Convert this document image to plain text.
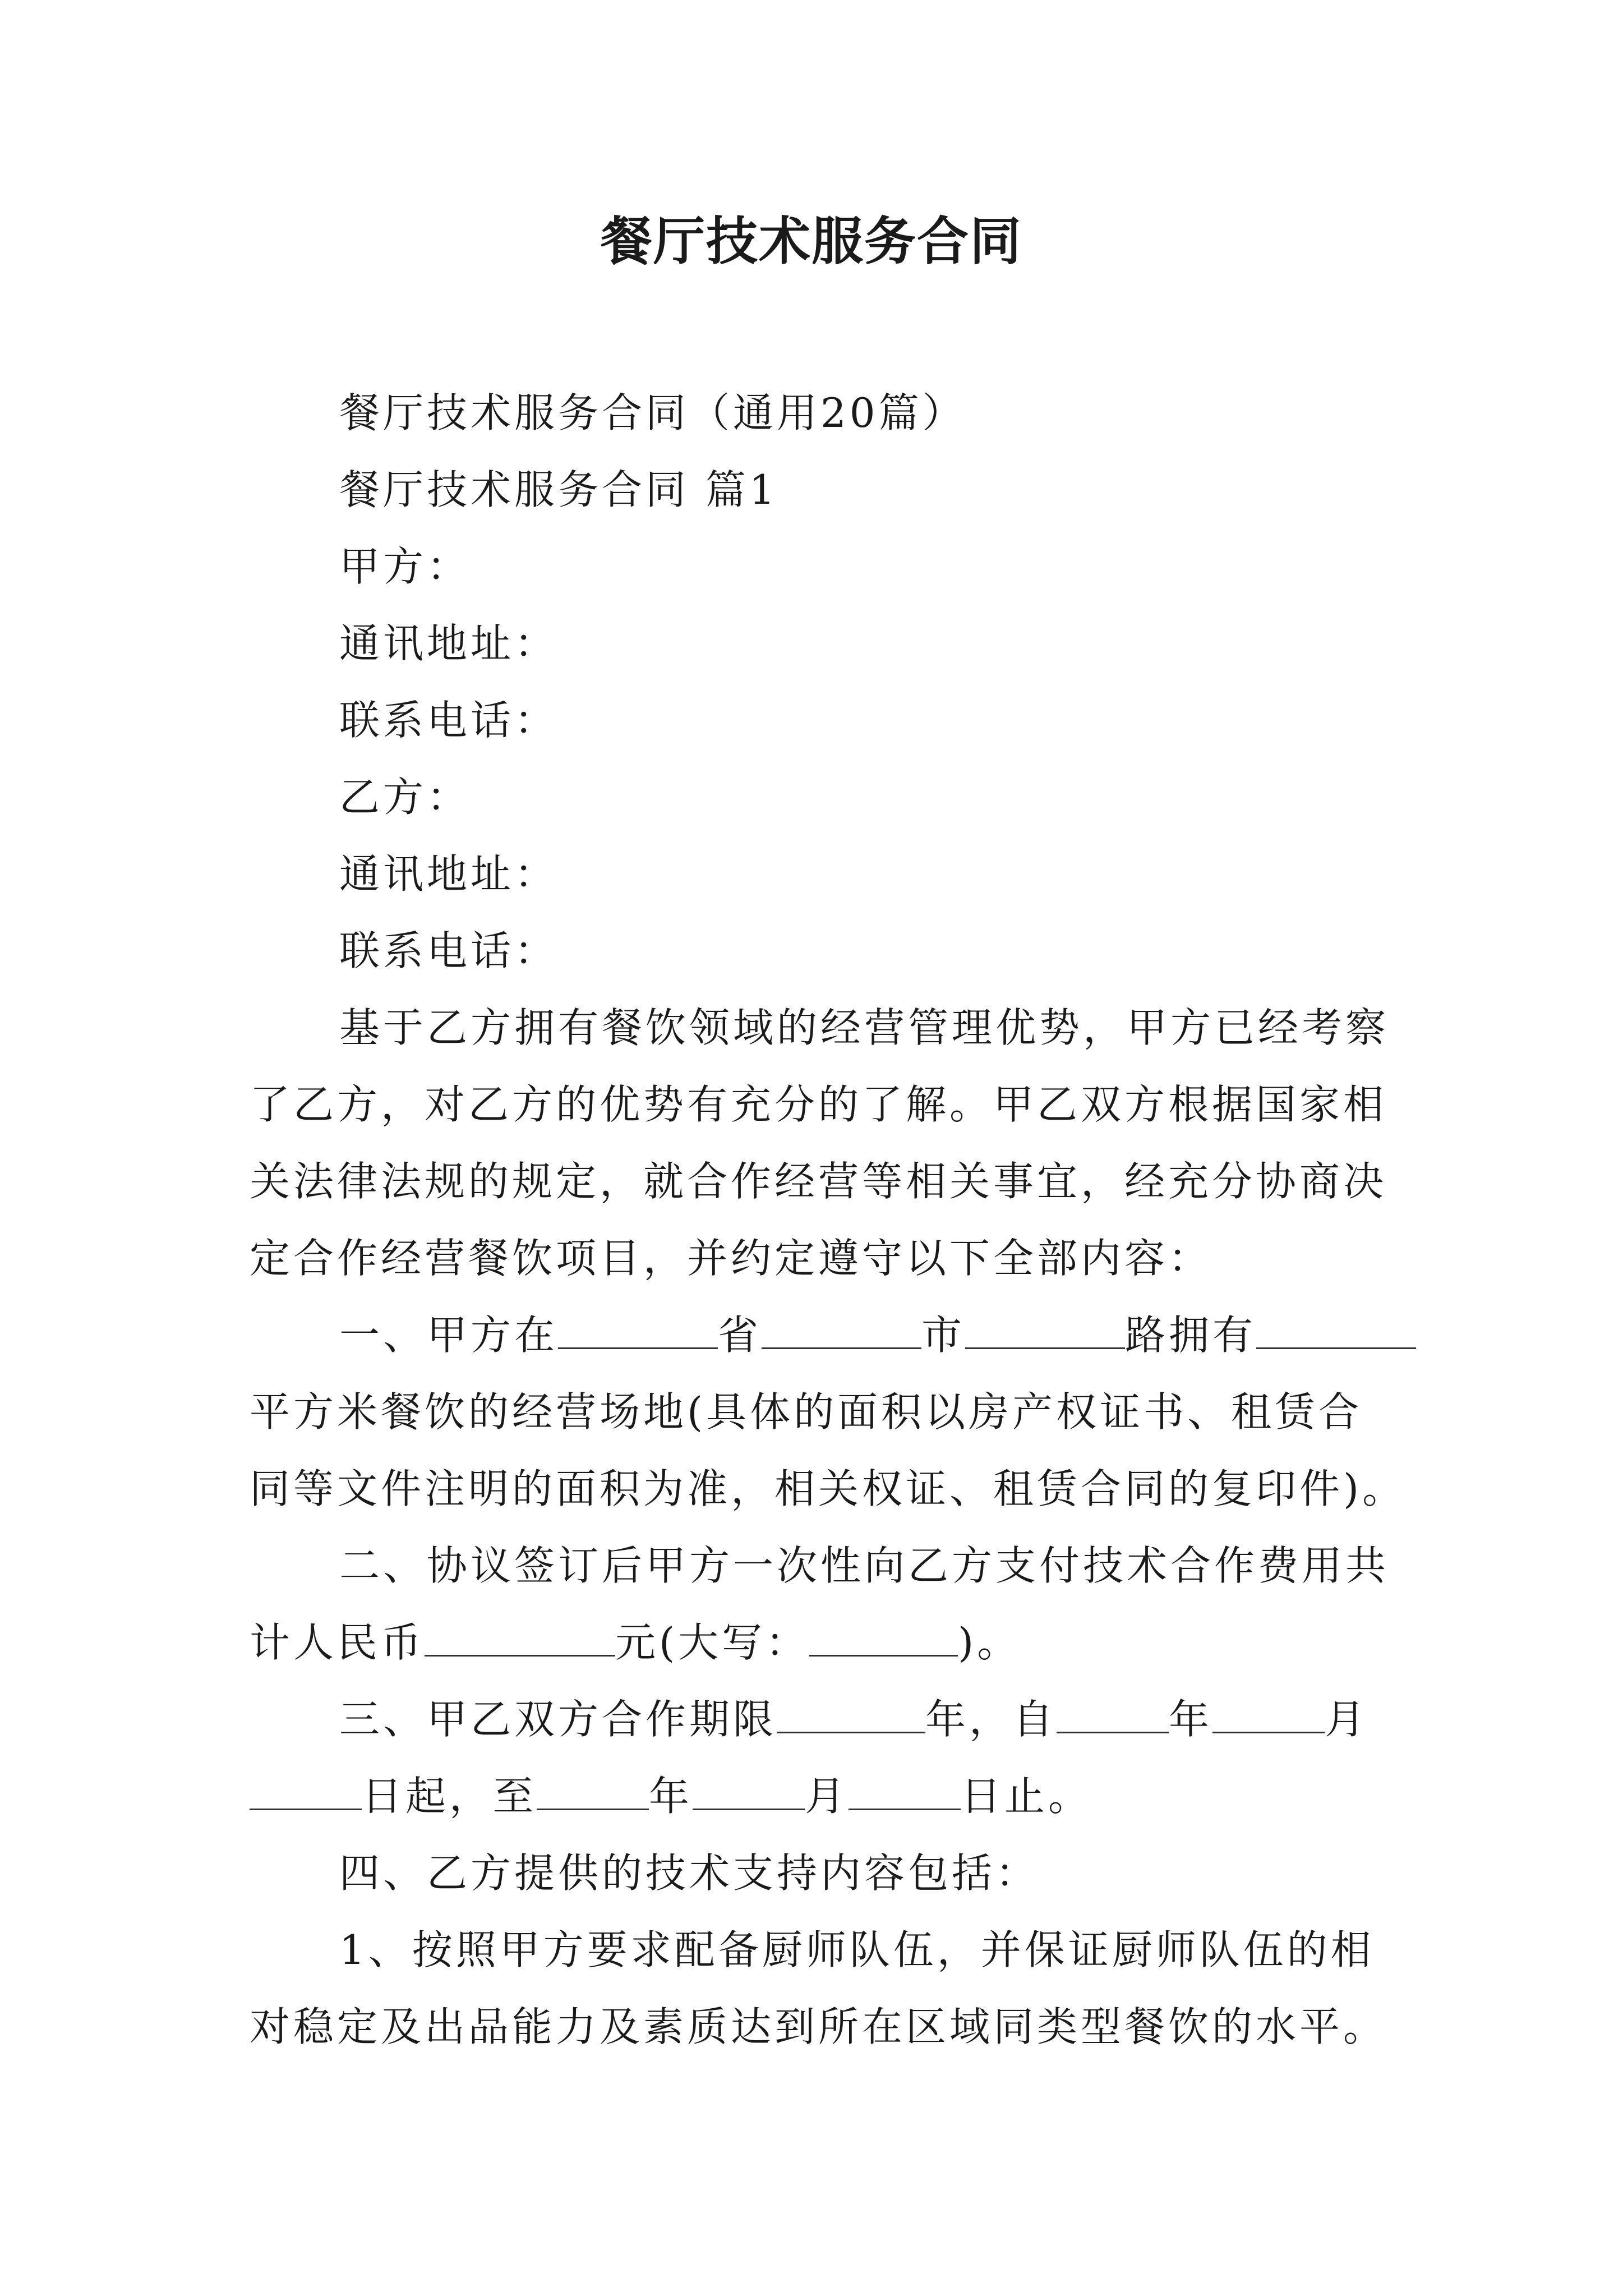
餐厅技术服务合同
餐厅技术服务合同（通用20篇）
餐厅技术服务合同 篇1
甲方：
通讯地址：
联系电话：
乙方：
通讯地址：
联系电话：
基于乙方拥有餐饮领域的经营管理优势，甲方已经考察
了乙方，对乙方的优势有充分的了解。甲乙双方根据国家相
关法律法规的规定，就合作经营等相关事宜，经充分协商决
定合作经营餐饮项目，并约定遵守以下全部内容：
一、甲方在	省	市	路拥有
平方米餐饮的经营场地(具体的面积以房产权证书、租赁合
同等文件注明的面积为准，相关权证、租赁合同的复印件)。
二、协议签订后甲方一次性向乙方支付技术合作费用共
计人民币	元(大写：	)。
三、甲乙双方合作期限	年，自	年	月
日起，至	年	月	日止。
四、乙方提供的技术支持内容包括：
1、按照甲方要求配备厨师队伍，并保证厨师队伍的相
对稳定及出品能力及素质达到所在区域同类型餐饮的水平。
